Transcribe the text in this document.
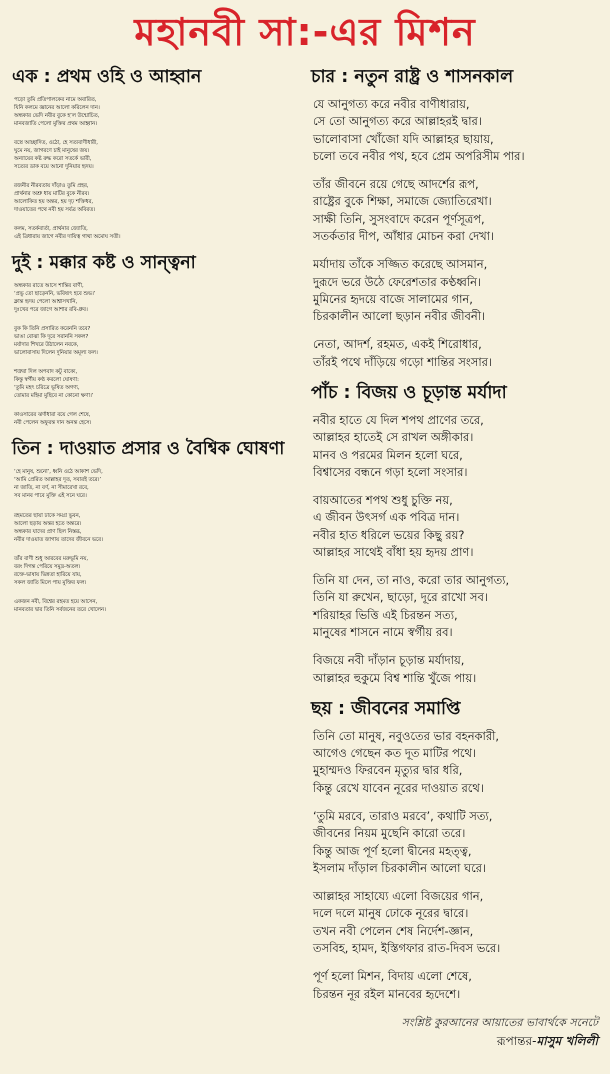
মহানবী সা:-এর মিশন
এক : প্রথম ওহি ও আহ্বান
পড়ো তুমি প্রতিপালকের নামে অবারিত,
যিনি কলমে জ্ঞানের আলো করিলেন দান।
অন্ধকার ভেদি নবীর বুকে হ’ল উন্মোচিত,
মানবজাতি পেলো মুক্তির প্রথম আহ্বান।
বস্ত্রে আচ্ছাদিত, ওঠো, হে সত্যবাণীধারী,
ঘুমে নয়, জাগরণে চাই মানুষের জয়।
অন্যায়ের কষ্ট রুদ্ধ করো সতর্কে ভারী,
সত্যের ডাক বয়ে আনো দুনিয়ার হৃদয়।
রজনীর নীরবতায় দাঁড়াও তুমি প্রহর,
প্রার্থনার অশ্রু ধায় মাটির বুকে নীরব।
আলোকিত হয় অন্তর, হয় দৃঢ় শক্তিধর,
দাওয়াতের পথে নবী হয় সর্বত্র অবিরত।
কলম, সতর্কবার্তা, প্রার্থনার জ্যোতি,
এই ত্রিধারায় জাগে নবীর দায়িত্ব গাথা অমোঘ সতী।
দুই : মক্কার কষ্ট ও সান্ত্বনা
অন্ধকার রাতে আসে শান্তির বাণী,
‘প্রভু তো ছাড়েননি, ভবিষ্যৎ হবে শুভ।’
ক্লান্ত হৃদয় পেলো আশ্বাসখানি,
দুঃখের পরে জাগে আশার রবি-ধ্রুব।
বুক কি তিনি প্রসারিত করেননি তবে?
ভাঙা বোঝা কি দূরে সরাননি সকল?
মর্যাদার শিখরে উঠালেন নবকে,
ভালোবাসায় দিলেন দুনিয়ার অমূল্য ফল।
শত্রুরা দিল অপবাদ কটু বাক্যে,
কিন্তু স্বর্গীয় কণ্ঠ করলো ঘোষণা:
‘তুমি মহৎ চরিত্রে ভূষিত অগণ্য,
তোমার মহিমা মুছিবে না কোনো ক্ষণা।’
কাওসারের ঝর্ণাধারা বয়ে গেল শেষে,
নবী পেলেন অফুরন্ত দান অনন্ত হেসে।
তিন : দাওয়াত প্রসার ও বৈশ্বিক ঘোষণা
‘হে মানুষ, শুনো’, ধ্বনি ওঠে আকাশ ভেদি,
‘আমি প্রেরিত আল্লাহর দূত, সবারই তরে।’
না জাতি, না বর্ণ, না সীমারেখা রবে,
সব মানব পাবে মুক্তি এই সনে ঘরে।
রহমতের ছায়া ঢাকে সমগ্র ভুবন,
আলো ছড়ায় অন্তর হতে অন্তরে।
অন্ধকার যাদের প্রাণ ছিল নিস্তব্ধ,
নবীর দাওয়াত জাগায় তাদের জীবনে ভরে।
তাঁর বাণী শুধু আরবের মরুভূমি নয়,
বরং দিগন্ত পেরিয়ে সমুদ্র-অতল।
রক্তে-ভাষায় ভিন্নতা হারিয়ে যায়,
সকল জাতি মিলে পায় মুক্তির ফল।
একজন নবী, বিশ্বের রহমত হয়ে আসেন,
মানবতার দ্বার তিনি সর্বজনের তরে খোলেন।
চার : নতুন রাষ্ট্র ও শাসনকাল
যে আনুগত্য করে নবীর বাণীধারায়,
সে তো আনুগত্য করে আল্লাহরই দ্বার।
ভালোবাসা খোঁজো যদি আল্লাহর ছায়ায়,
চলো তবে নবীর পথ, হবে প্রেম অপরিসীম পার।
তাঁর জীবনে রয়ে গেছে আদর্শের রূপ,
রাষ্ট্রের বুকে শিক্ষা, সমাজে জ্যোতিরেখা।
সাক্ষী তিনি, সুসংবাদে করেন পূর্ণসূত্রপ,
সতর্কতার দীপ, আঁধার মোচন করা দেখা।
মর্যাদায় তাঁকে সজ্জিত করেছে আসমান,
দুরূদে ভরে উঠে ফেরেশতার কণ্ঠধ্বনি।
মুমিনের হৃদয়ে বাজে সালামের গান,
চিরকালীন আলো ছড়ান নবীর জীবনী।
নেতা, আদর্শ, রহমত, একই শিরোধার,
তাঁরই পথে দাঁড়িয়ে গড়ো শান্তির সংসার।
পাঁচ : বিজয় ও চূড়ান্ত মর্যাদা
নবীর হাতে যে দিল শপথ প্রাণের তরে,
আল্লাহর হাতেই সে রাখল অঙ্গীকার।
মানব ও পরমের মিলন হলো ঘরে,
বিশ্বাসের বন্ধনে গড়া হলো সংসার।
বায়আতের শপথ শুধু চুক্তি নয়,
এ জীবন উৎসর্গ এক পবিত্র দান।
নবীর হাত ধরিলে ভয়ের কিছু রয়?
আল্লাহর সাথেই বাঁধা হয় হৃদয় প্রাণ।
তিনি যা দেন, তা নাও, করো তার আনুগত্য,
তিনি যা রুখেন, ছাড়ো, দূরে রাখো সব।
শরিয়াহর ভিত্তি এই চিরন্তন সত্য,
মানুষের শাসনে নামে স্বর্গীয় রব।
বিজয়ে নবী দাঁড়ান চূড়ান্ত মর্যাদায়,
আল্লাহর হুকুমে বিশ্ব শান্তি খুঁজে পায়।
ছয় : জীবনের সমাপ্তি
তিনি তো মানুষ, নবুওতের ভার বহনকারী,
আগেও গেছেন কত দূত মাটির পথে।
মুহাম্মদও ফিরবেন মৃত্যুর দ্বার ধরি,
কিন্তু রেখে যাবেন নূরের দাওয়াত রথে।
‘তুমি মরবে, তারাও মরবে’, কথাটি সত্য,
জীবনের নিয়ম মুছেনি কারো তরে।
কিন্তু আজ পূর্ণ হলো দ্বীনের মহত্ত্ব,
ইসলাম দাঁড়াল চিরকালীন আলো ঘরে।
আল্লাহর সাহায্যে এলো বিজয়ের গান,
দলে দলে মানুষ ঢোকে নূরের দ্বারে।
তখন নবী পেলেন শেষ নির্দেশ-জ্ঞান,
তসবিহ, হামদ, ইস্তিগফার রাত-দিবস ভরে।
পূর্ণ হলো মিশন, বিদায় এলো শেষে,
চিরন্তন নূর রইল মানবের হৃদেশে।
সংশ্লিষ্ট কুরআনের আয়াতের ভাবার্থকে সনেটে
রূপান্তর-মাসুম খলিলী
